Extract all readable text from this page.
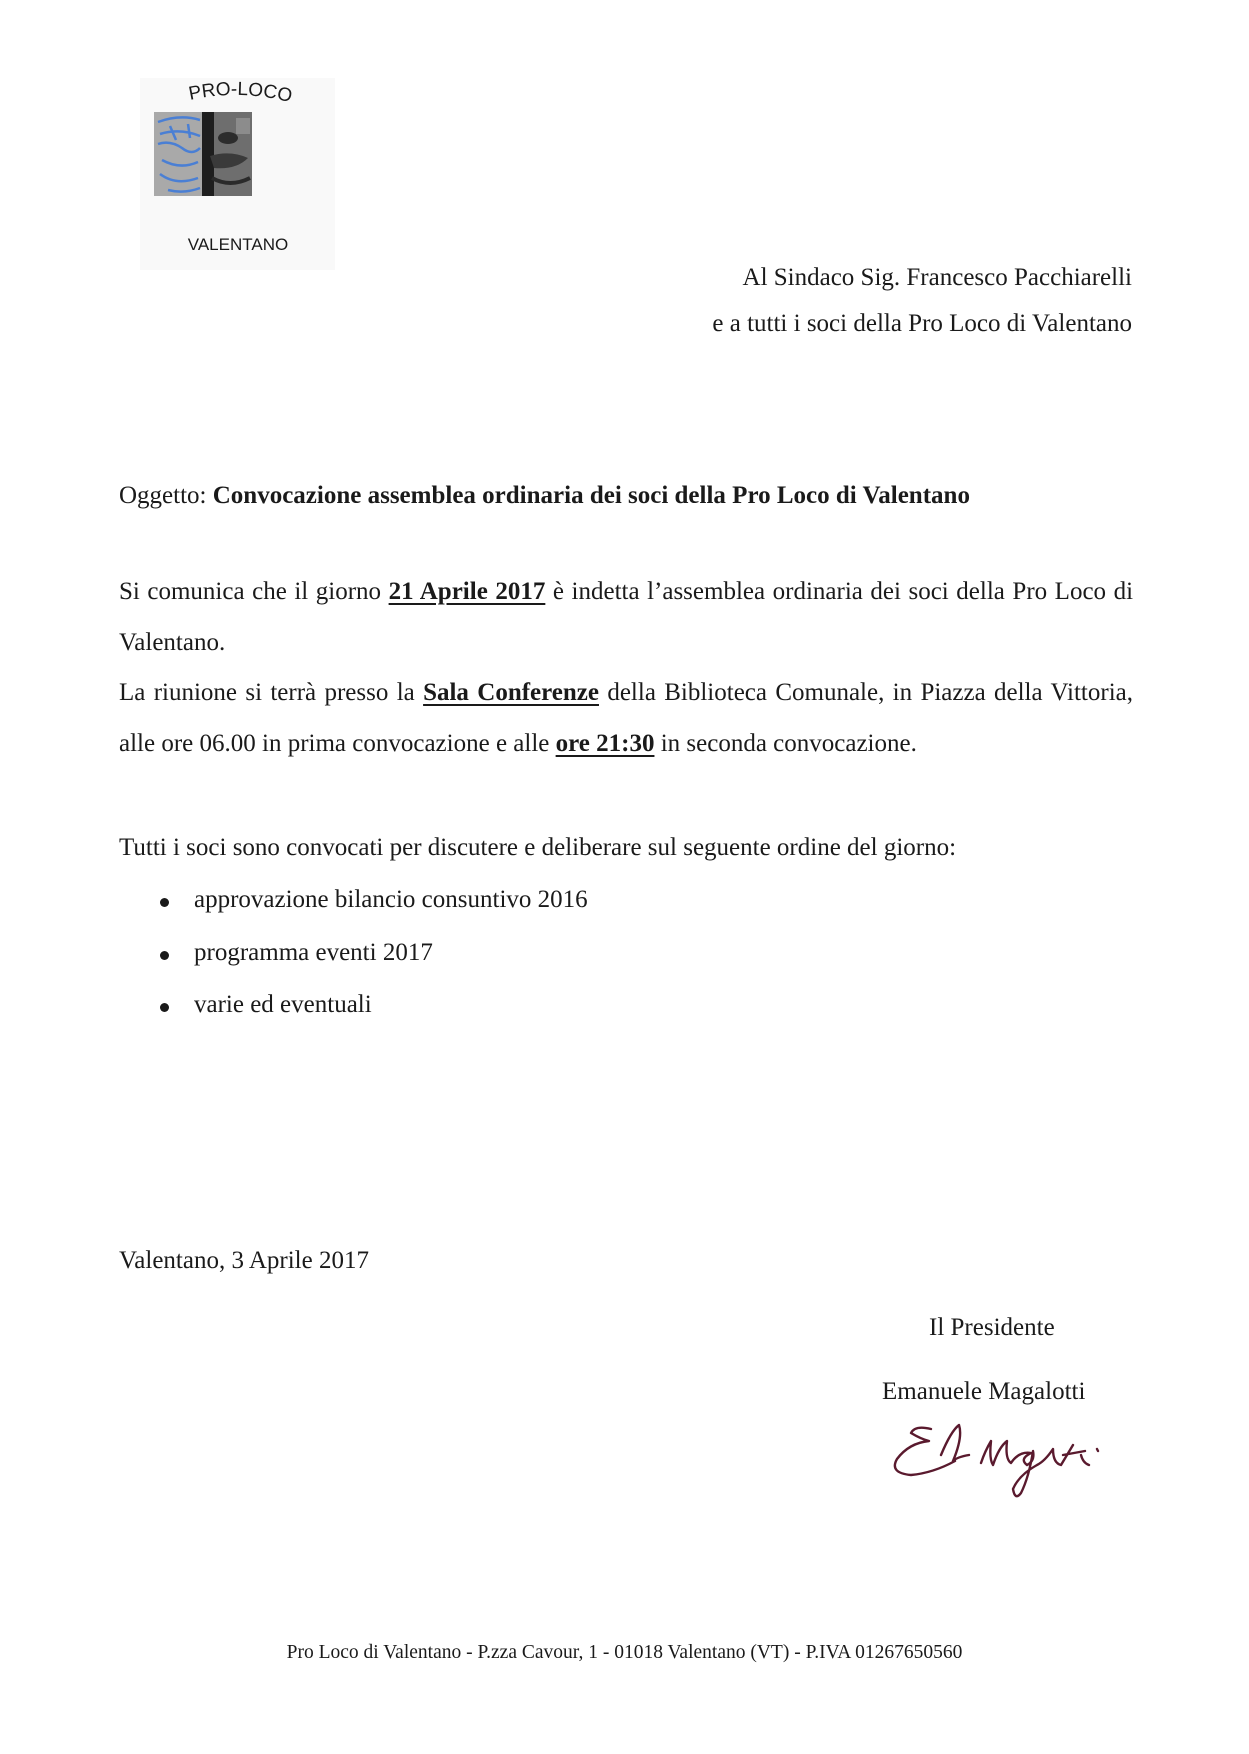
PRO-LOCO
VALENTANO
Al Sindaco Sig. Francesco Pacchiarelli
e a tutti i soci della Pro Loco di Valentano
Oggetto: Convocazione assemblea ordinaria dei soci della Pro Loco di Valentano

Si comunica che il giorno 21 Aprile 2017 è indetta l’assemblea ordinaria dei soci della Pro Loco di Valentano.

La riunione si terrà presso la Sala Conferenze della Biblioteca Comunale, in Piazza della Vittoria, alle ore 06.00 in prima convocazione e alle ore 21:30 in seconda convocazione.

Tutti i soci sono convocati per discutere e deliberare sul seguente ordine del giorno:
approvazione bilancio consuntivo 2016
programma eventi 2017
varie ed eventuali
Valentano, 3 Aprile 2017
Il Presidente
Emanuele Magalotti
Pro Loco di Valentano - P.zza Cavour, 1 - 01018 Valentano (VT) - P.IVA 01267650560
